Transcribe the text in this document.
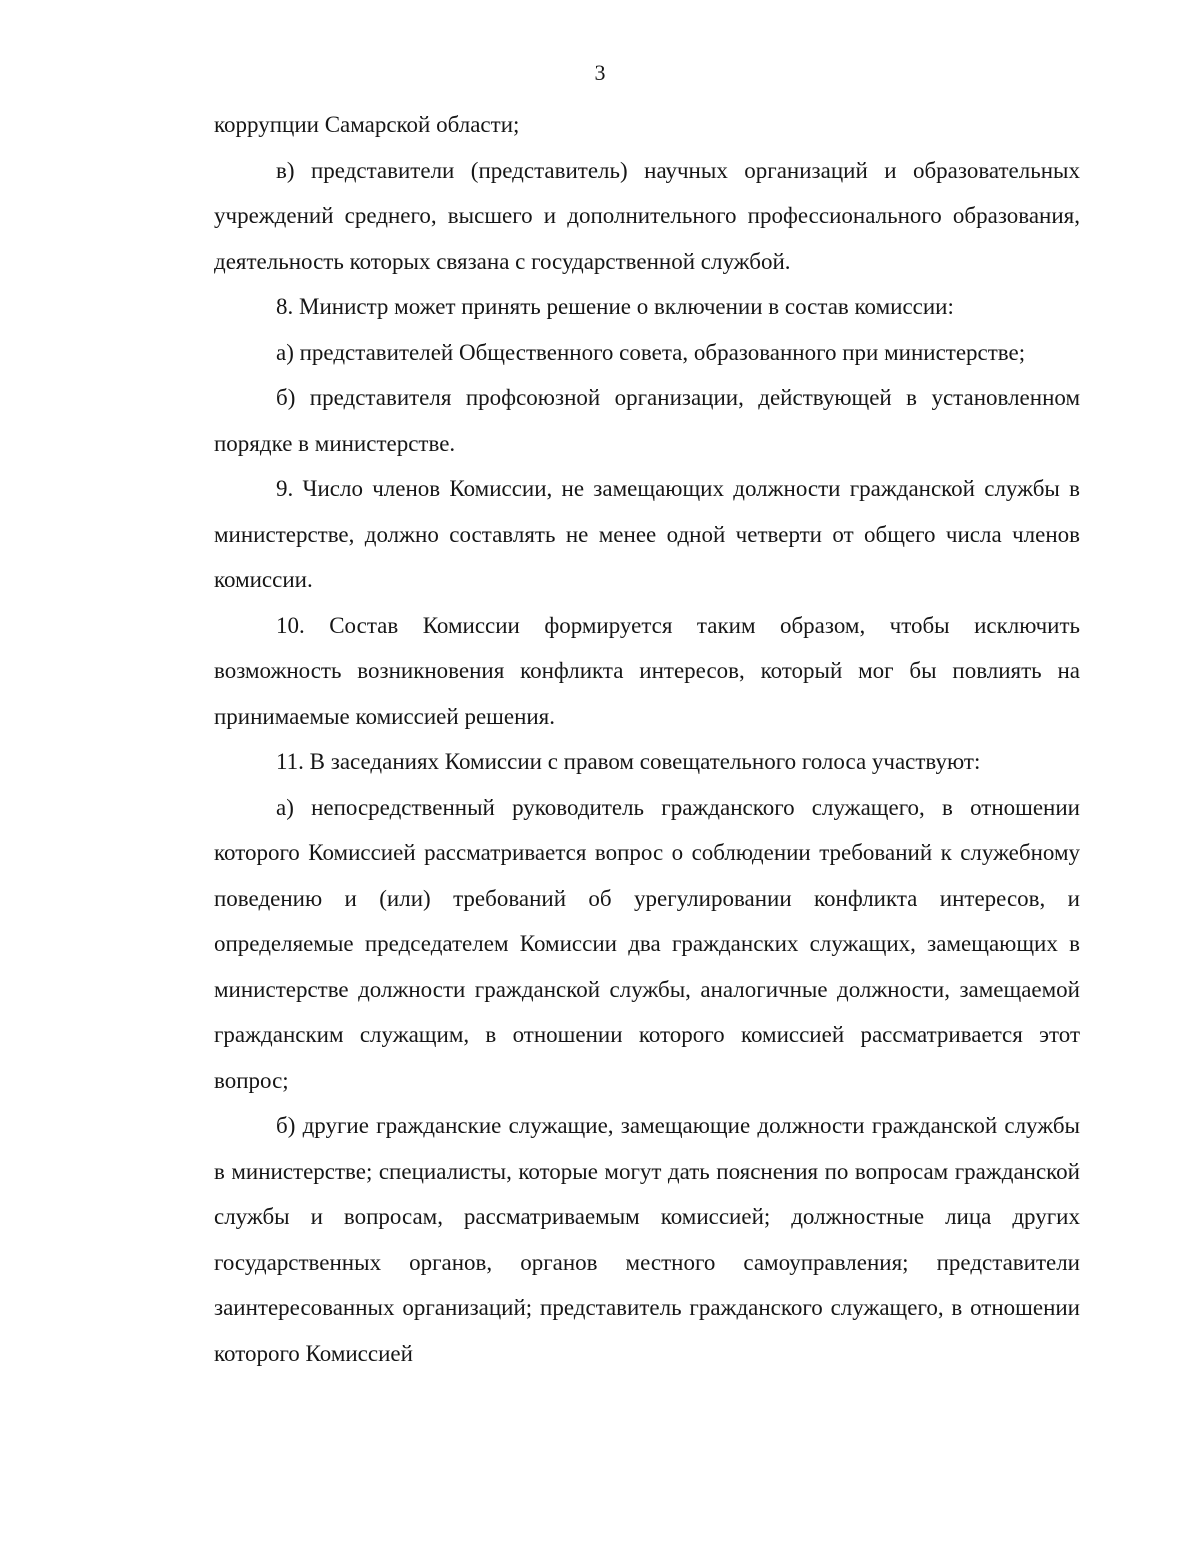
3

коррупции Самарской области;

в) представители (представитель) научных организаций и образовательных учреждений среднего, высшего и дополнительного профессионального образования, деятельность которых связана с государственной службой.

8. Министр может принять решение о включении в состав комиссии:

а) представителей Общественного совета, образованного при министерстве;

б) представителя профсоюзной организации, действующей в установленном порядке в министерстве.

9. Число членов Комиссии, не замещающих должности гражданской службы в министерстве, должно составлять не менее одной четверти от общего числа членов комиссии.

10. Состав Комиссии формируется таким образом, чтобы исключить возможность возникновения конфликта интересов, который мог бы повлиять на принимаемые комиссией решения.

11. В заседаниях Комиссии с правом совещательного голоса участвуют:

а) непосредственный руководитель гражданского служащего, в отношении которого Комиссией рассматривается вопрос о соблюдении требований к служебному поведению и (или) требований об урегулировании конфликта интересов, и определяемые председателем Комиссии два гражданских служащих, замещающих в министерстве должности гражданской службы, аналогичные должности, замещаемой гражданским служащим, в отношении которого комиссией рассматривается этот вопрос;

б) другие гражданские служащие, замещающие должности гражданской службы в министерстве; специалисты, которые могут дать пояснения по вопросам гражданской службы и вопросам, рассматриваемым комиссией; должностные лица других государственных органов, органов местного самоуправления; представители заинтересованных организаций; представитель гражданского служащего, в отношении которого Комиссией
